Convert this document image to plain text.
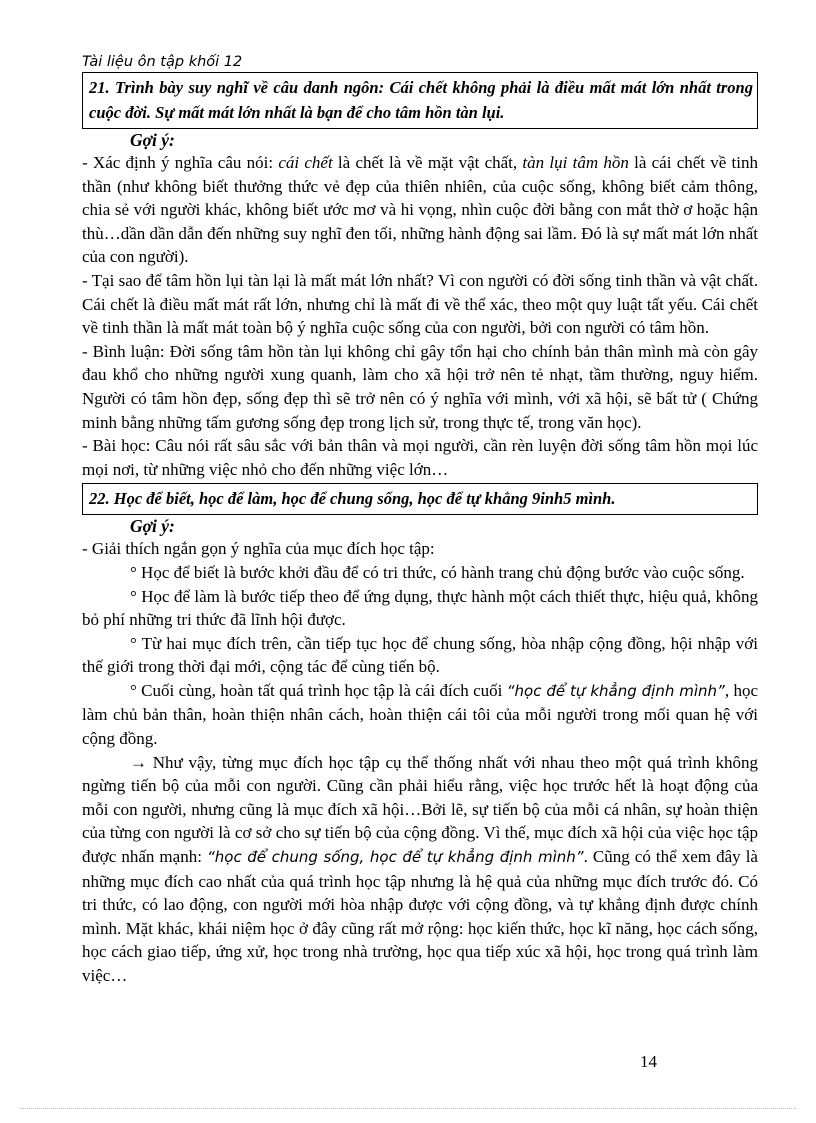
Tài liệu ôn tập khối 12
21. Trình bày suy nghĩ về câu danh ngôn: Cái chết không phải là điều mất mát lớn nhất trong cuộc đời. Sự mất mát lớn nhất là bạn để cho tâm hồn tàn lụi.
Gợi ý:

- Xác định ý nghĩa câu nói: cái chết là chết là về mặt vật chất, tàn lụi tâm hồn là cái chết về tinh thần (như không biết thưởng thức vẻ đẹp của thiên nhiên, của cuộc sống, không biết cảm thông, chia sẻ với người khác, không biết ước mơ và hi vọng, nhìn cuộc đời bằng con mắt thờ ơ hoặc hận thù…dần dần dẫn đến những suy nghĩ đen tối, những hành động sai lầm. Đó là sự mất mát lớn nhất của con người).

- Tại sao để tâm hồn lụi tàn lại là mất mát lớn nhất? Vì con người có đời sống tinh thần và vật chất. Cái chết là điều mất mát rất lớn, nhưng chỉ là mất đi về thể xác, theo một quy luật tất yếu. Cái chết về tinh thần là mất mát toàn bộ ý nghĩa cuộc sống của con người, bởi con người có tâm hồn.

- Bình luận: Đời sống tâm hồn tàn lụi không chỉ gây tổn hại cho chính bản thân mình mà còn gây đau khổ cho những người xung quanh, làm cho xã hội trở nên tẻ nhạt, tầm thường, nguy hiểm. Người có tâm hồn đẹp, sống đẹp thì sẽ trở nên có ý nghĩa với mình, với xã hội, sẽ bất tử ( Chứng minh bằng những tấm gương sống đẹp trong lịch sử, trong thực tế, trong văn học).

- Bài học: Câu nói rất sâu sắc với bản thân và mọi người, cần rèn luyện đời sống tâm hồn mọi lúc mọi nơi, từ những việc nhỏ cho đến những việc lớn…

22. Học để biết, học để làm, học để chung sống, học để tự khẳng 9inh5 mình.
Gợi ý:

- Giải thích ngắn gọn ý nghĩa của mục đích học tập:

° Học để biết là bước khởi đầu để có tri thức, có hành trang chủ động bước vào cuộc sống.

° Học để làm là bước tiếp theo để ứng dụng, thực hành một cách thiết thực, hiệu quả, không bỏ phí những tri thức đã lĩnh hội được.

° Từ hai mục đích trên, cần tiếp tục học để chung sống, hòa nhập cộng đồng, hội nhập với thế giới trong thời đại mới, cộng tác để cùng tiến bộ.

° Cuối cùng, hoàn tất quá trình học tập là cái đích cuối “học để tự khẳng định mình”, học làm chủ bản thân, hoàn thiện nhân cách, hoàn thiện cái tôi của mỗi người trong mối quan hệ với cộng đồng.

→ Như vậy, từng mục đích học tập cụ thể thống nhất với nhau theo một quá trình không ngừng tiến bộ của mỗi con người. Cũng cần phải hiểu rằng, việc học trước hết là hoạt động của mỗi con người, nhưng cũng là mục đích xã hội…Bởi lẽ, sự tiến bộ của mỗi cá nhân, sự hoàn thiện của từng con người là cơ sở cho sự tiến bộ của cộng đồng. Vì thế, mục đích xã hội của việc học tập được nhấn mạnh: “học để chung sống, học để tự khẳng định mình”. Cũng có thể xem đây là những mục đích cao nhất của quá trình học tập nhưng là hệ quả của những mục đích trước đó. Có tri thức, có lao động, con người mới hòa nhập được với cộng đồng, và tự khẳng định được chính mình. Mặt khác, khái niệm học ở đây cũng rất mở rộng: học kiến thức, học kĩ năng, học cách sống, học cách giao tiếp, ứng xử, học trong nhà trường, học qua tiếp xúc xã hội, học trong quá trình làm việc…

14
